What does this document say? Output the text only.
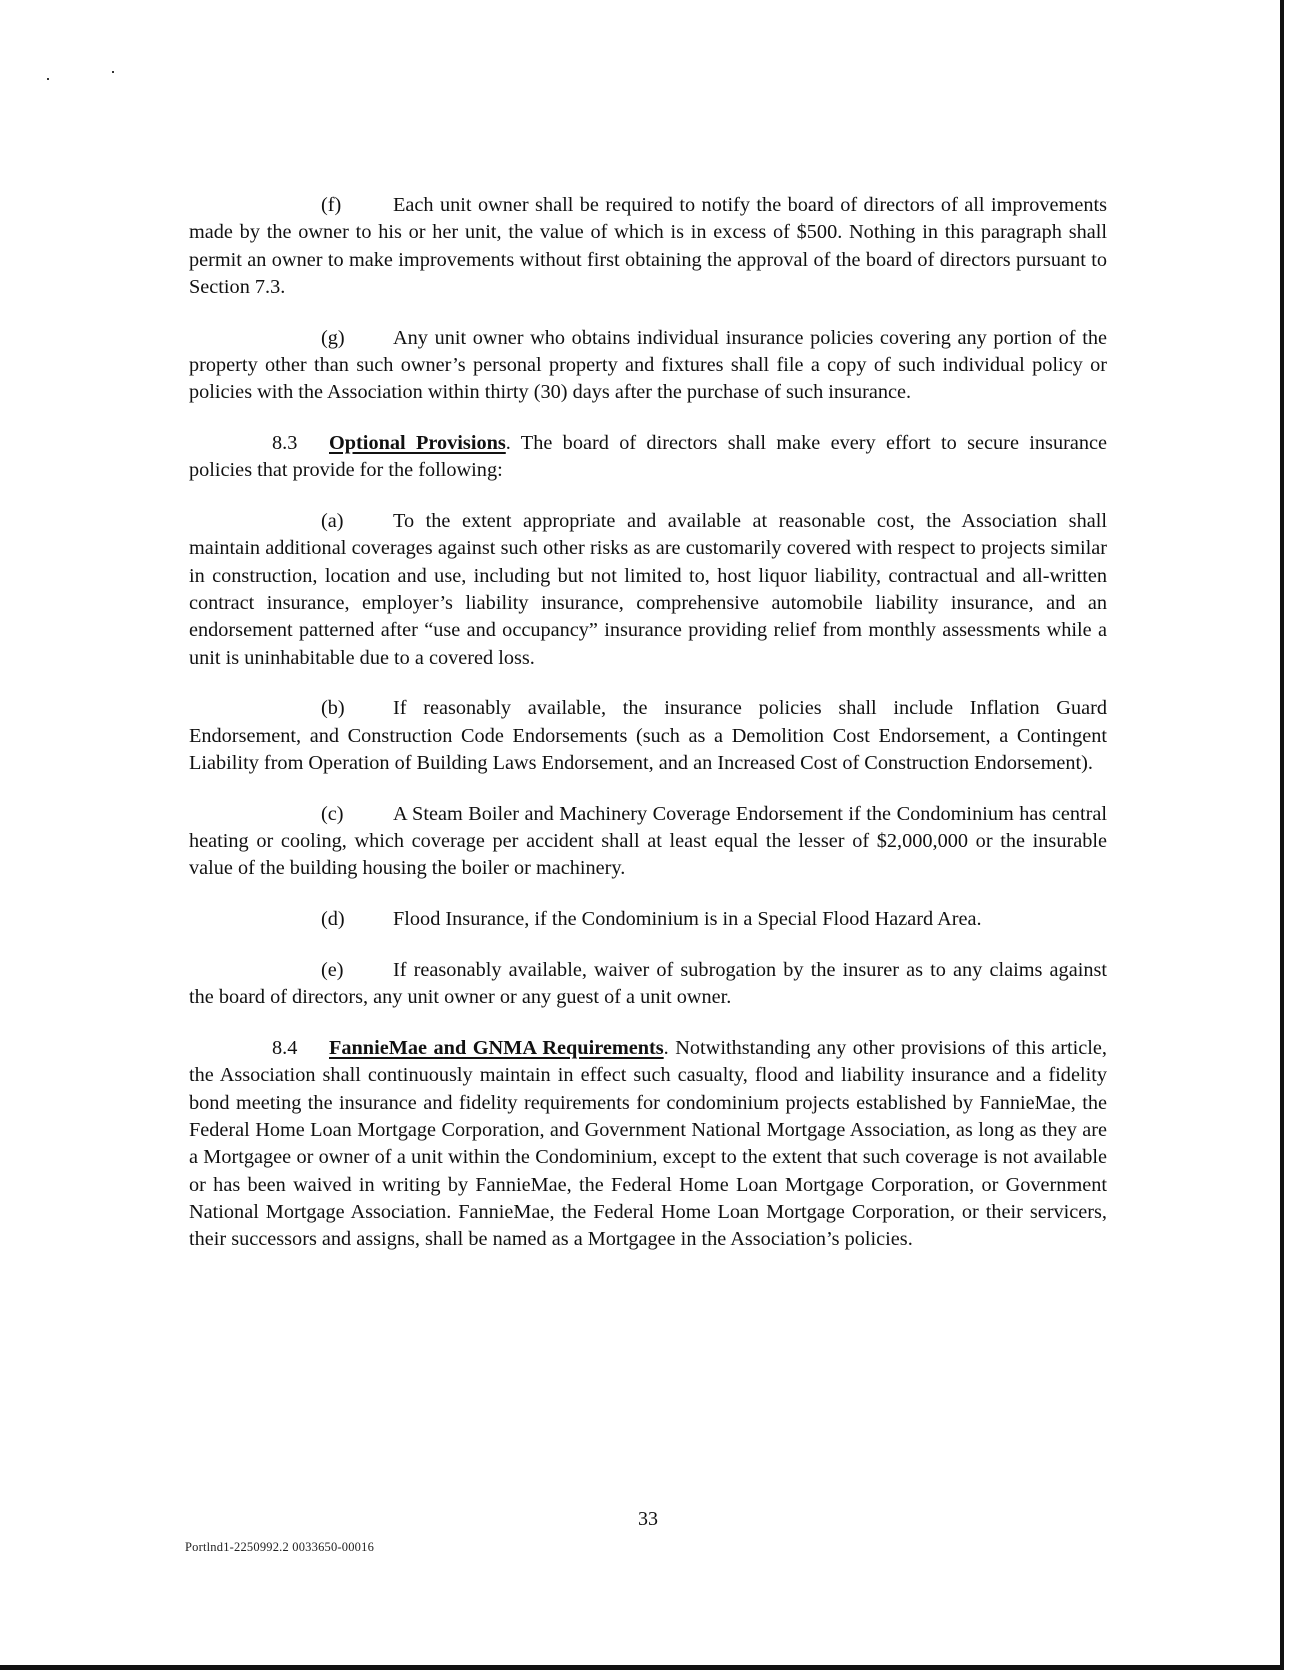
(f)	Each unit owner shall be required to notify the board of directors of all improvements made by the owner to his or her unit, the value of which is in excess of $500. Nothing in this paragraph shall permit an owner to make improvements without first obtaining the approval of the board of directors pursuant to Section 7.3.

(g) Any unit owner who obtains individual insurance policies covering any portion of the property other than such owner’s personal property and fixtures shall file a copy of such individual policy or policies with the Association within thirty (30) days after the purchase of such insurance.

8.3 Optional Provisions. The board of directors shall make every effort to secure insurance policies that provide for the following:

(a) To the extent appropriate and available at reasonable cost, the Association shall maintain additional coverages against such other risks as are customarily covered with respect to projects similar in construction, location and use, including but not limited to, host liquor liability, contractual and all-written contract insurance, employer’s liability insurance, comprehensive automobile liability insurance, and an endorsement patterned after “use and occupancy” insurance providing relief from monthly assessments while a unit is uninhabitable due to a covered loss.

(b) If reasonably available, the insurance policies shall include Inflation Guard Endorsement, and Construction Code Endorsements (such as a Demolition Cost Endorsement, a Contingent Liability from Operation of Building Laws Endorsement, and an Increased Cost of Construction Endorsement).

(c) A Steam Boiler and Machinery Coverage Endorsement if the Condominium has central heating or cooling, which coverage per accident shall at least equal the lesser of $2,000,000 or the insurable value of the building housing the boiler or machinery.

(d) Flood Insurance, if the Condominium is in a Special Flood Hazard Area.

(e) If reasonably available, waiver of subrogation by the insurer as to any claims against the board of directors, any unit owner or any guest of a unit owner.

8.4 FannieMae and GNMA Requirements. Notwithstanding any other provisions of this article, the Association shall continuously maintain in effect such casualty, flood and liability insurance and a fidelity bond meeting the insurance and fidelity requirements for condominium projects established by FannieMae, the Federal Home Loan Mortgage Corporation, and Government National Mortgage Association, as long as they are a Mortgagee or owner of a unit within the Condominium, except to the extent that such coverage is not available or has been waived in writing by FannieMae, the Federal Home Loan Mortgage Corporation, or Government National Mortgage Association. FannieMae, the Federal Home Loan Mortgage Corporation, or their servicers, their successors and assigns, shall be named as a Mortgagee in the Association’s policies.

33
Portlnd1-2250992.2 0033650-00016
